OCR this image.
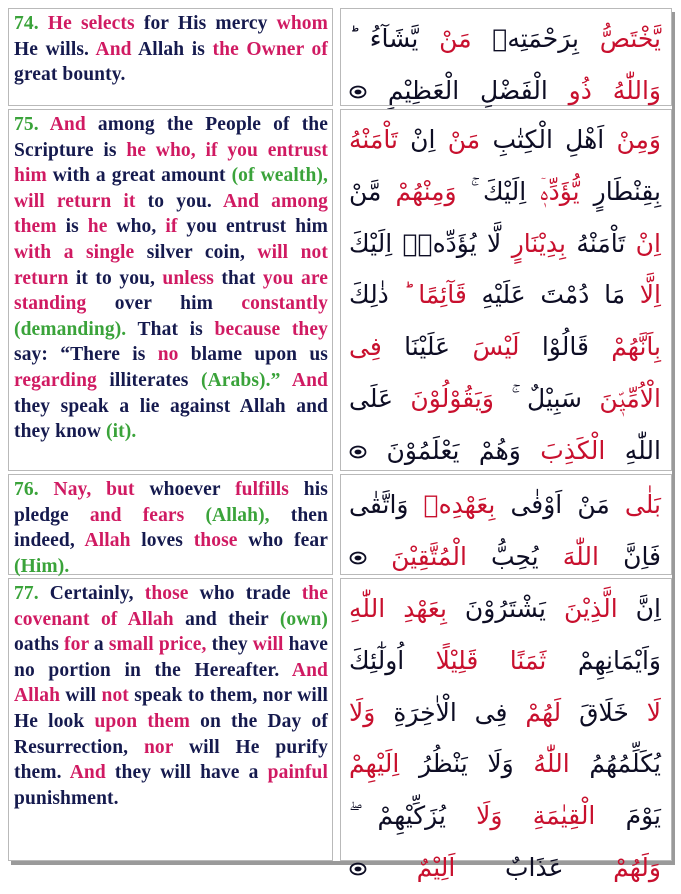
74. He selects for His mercy whom He wills. And Allah is the Owner of great bounty.

يَّخْتَصُّ بِرَحْمَتِهٖ مَنْ يَّشَآءُ ؕ
وَاللّٰهُ ذُو الْفَضْلِ الْعَظِيْمِ

75. And among the People of the Scripture is he who, if you entrust him with a great amount (of wealth), will return it to you. And among them is he who, if you entrust him with a single silver coin, will not return it to you, unless that you are standing over him constantly (demanding). That is because they say: “There is no blame upon us regarding illiterates (Arabs).” And they speak a lie against Allah and they know (it).

وَمِنْ اَهْلِ الْكِتٰبِ مَنْ اِنْ تَاْمَنْهُ
بِقِنْطَارٍ يُّؤَدِّهٖۤ اِلَيْكَ ۚ وَمِنْهُمْ مَّنْ
اِنْ تَاْمَنْهُ بِدِيْنَارٍ لَّا يُؤَدِّهٖۤ اِلَيْكَ
اِلَّا مَا دُمْتَ عَلَيْهِ قَآئِمًا ؕ ذٰلِكَ
بِاَنَّهُمْ قَالُوْا لَيْسَ عَلَيْنَا فِى
الْاُمِّيّٖنَ سَبِيْلٌ ۚ وَيَقُوْلُوْنَ عَلَى
اللّٰهِ الْكَذِبَ وَهُمْ يَعْلَمُوْنَ

76. Nay, but whoever fulfills his pledge and fears (Allah), then indeed, Allah loves those who fear (Him).

بَلٰى مَنْ اَوْفٰى بِعَهْدِهٖ وَاتَّقٰى
فَاِنَّ اللّٰهَ يُحِبُّ الْمُتَّقِيْنَ

77. Certainly, those who trade the covenant of Allah and their (own) oaths for a small price, they will have no portion in the Hereafter. And Allah will not speak to them, nor will He look upon them on the Day of Resurrection, nor will He purify them. And they will have a painful punishment.

اِنَّ الَّذِيْنَ يَشْتَرُوْنَ بِعَهْدِ اللّٰهِ
وَاَيْمَانِهِمْ ثَمَنًا قَلِيْلًا اُولٰٓئِكَ
لَا خَلَاقَ لَهُمْ فِى الْاٰخِرَةِ وَلَا
يُكَلِّمُهُمُ اللّٰهُ وَلَا يَنْظُرُ اِلَيْهِمْ
يَوْمَ الْقِيٰمَةِ وَلَا يُزَكِّيْهِمْ ۖ
وَلَهُمْ عَذَابٌ اَلِيْمٌ
